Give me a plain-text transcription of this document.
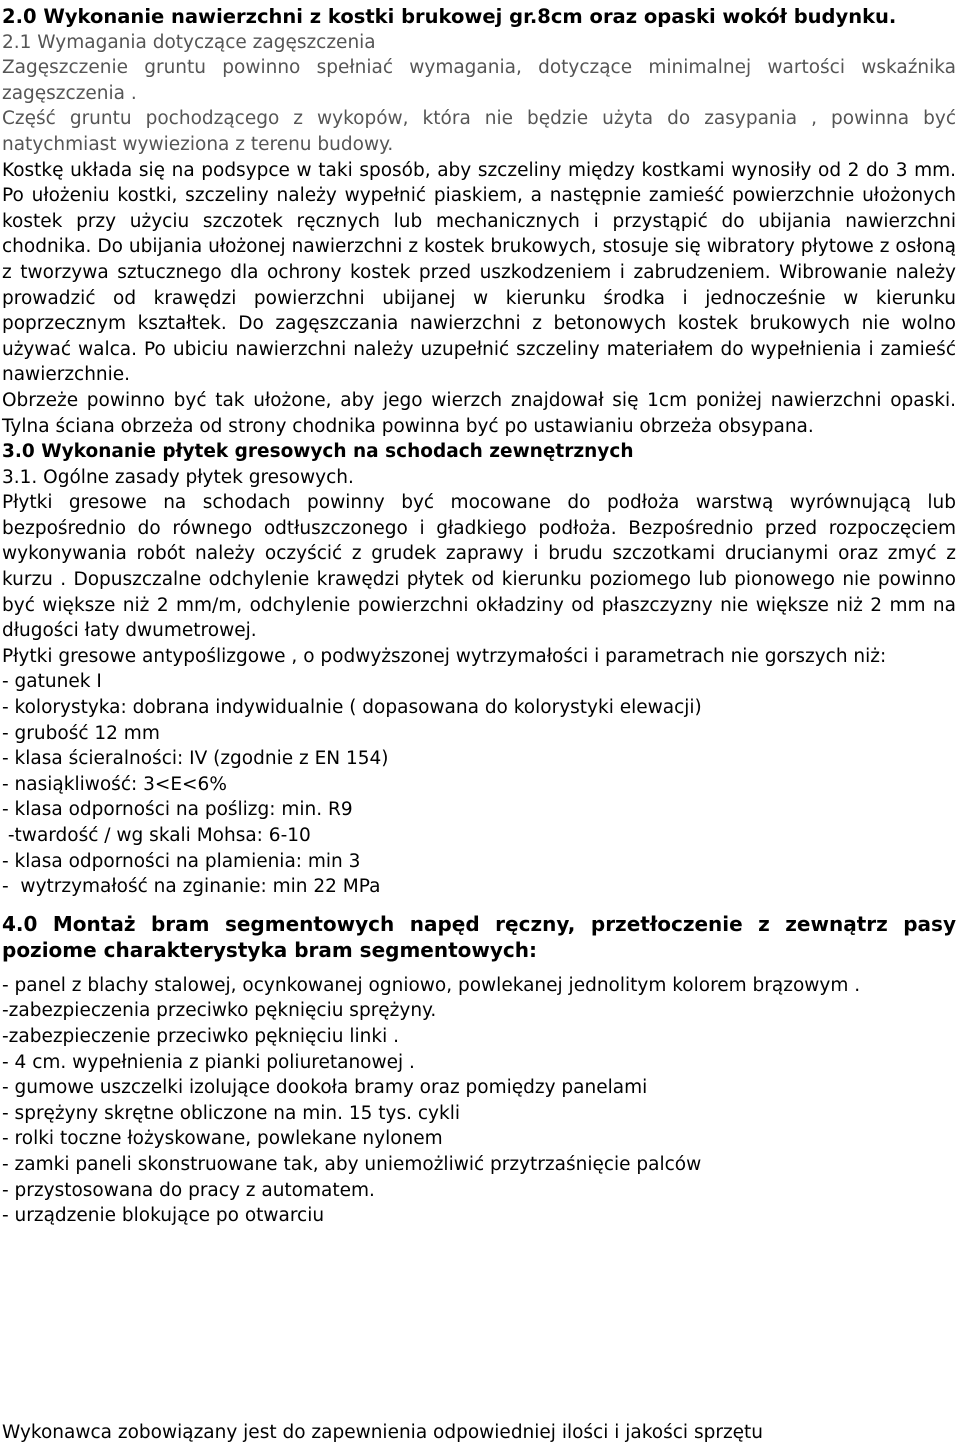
2.0 Wykonanie nawierzchni z kostki brukowej gr.8cm oraz opaski wokół budynku.

2.1 Wymagania dotyczące zagęszczenia

Zagęszczenie gruntu powinno spełniać wymagania, dotyczące minimalnej wartości wskaźnika zagęszczenia .

Część gruntu pochodzącego z wykopów, która nie będzie użyta do zasypania , powinna być natychmiast wywieziona z terenu budowy.

Kostkę układa się na podsypce w taki sposób, aby szczeliny między kostkami wynosiły od 2 do 3 mm. Po ułożeniu kostki, szczeliny należy wypełnić piaskiem, a następnie zamieść powierzchnie ułożonych kostek przy użyciu szczotek ręcznych lub mechanicznych i przystąpić do ubijania nawierzchni chodnika. Do ubijania ułożonej nawierzchni z kostek brukowych, stosuje się wibratory płytowe z osłoną z tworzywa sztucznego dla ochrony kostek przed uszkodzeniem i zabrudzeniem. Wibrowanie należy prowadzić od krawędzi powierzchni ubijanej w kierunku środka i jednocześnie w kierunku poprzecznym kształtek. Do zagęszczania nawierzchni z betonowych kostek brukowych nie wolno używać walca. Po ubiciu nawierzchni należy uzupełnić szczeliny materiałem do wypełnienia i zamieść nawierzchnie.

Obrzeże powinno być tak ułożone, aby jego wierzch znajdował się 1cm poniżej nawierzchni opaski. Tylna ściana obrzeża od strony chodnika powinna być po ustawianiu obrzeża obsypana.

3.0 Wykonanie płytek gresowych na schodach zewnętrznych

3.1. Ogólne zasady płytek gresowych.

Płytki gresowe na schodach powinny być mocowane do podłoża warstwą wyrównującą lub bezpośrednio do równego odtłuszczonego i gładkiego podłoża. Bezpośrednio przed rozpoczęciem wykonywania robót należy oczyścić z grudek zaprawy i brudu szczotkami drucianymi oraz zmyć z kurzu . Dopuszczalne odchylenie krawędzi płytek od kierunku poziomego lub pionowego nie powinno być większe niż 2 mm/m, odchylenie powierzchni okładziny od płaszczyzny nie większe niż 2 mm na długości łaty dwumetrowej.

Płytki gresowe antypoślizgowe , o podwyższonej wytrzymałości i parametrach nie gorszych niż:

- gatunek I

- kolorystyka: dobrana indywidualnie ( dopasowana do kolorystyki elewacji)

- grubość 12 mm

- klasa ścieralności: IV (zgodnie z EN 154)

- nasiąkliwość: 3<E<6%

- klasa odporności na poślizg: min. R9

-twardość / wg skali Mohsa: 6-10

- klasa odporności na plamienia: min 3

-  wytrzymałość na zginanie: min 22 MPa

4.0 Montaż bram segmentowych napęd ręczny, przetłoczenie z zewnątrz pasy poziome charakterystyka bram segmentowych:

- panel z blachy stalowej, ocynkowanej ogniowo, powlekanej jednolitym kolorem brązowym .

-zabezpieczenia przeciwko pęknięciu sprężyny.

-zabezpieczenie przeciwko pęknięciu linki .

- 4 cm. wypełnienia z pianki poliuretanowej .

- gumowe uszczelki izolujące dookoła bramy oraz pomiędzy panelami

- sprężyny skrętne obliczone na min. 15 tys. cykli

- rolki toczne łożyskowane, powlekane nylonem

- zamki paneli skonstruowane tak, aby uniemożliwić przytrzaśnięcie palców

- przystosowana do pracy z automatem.

- urządzenie blokujące po otwarciu

Wykonawca zobowiązany jest do zapewnienia odpowiedniej ilości i jakości sprzętu
